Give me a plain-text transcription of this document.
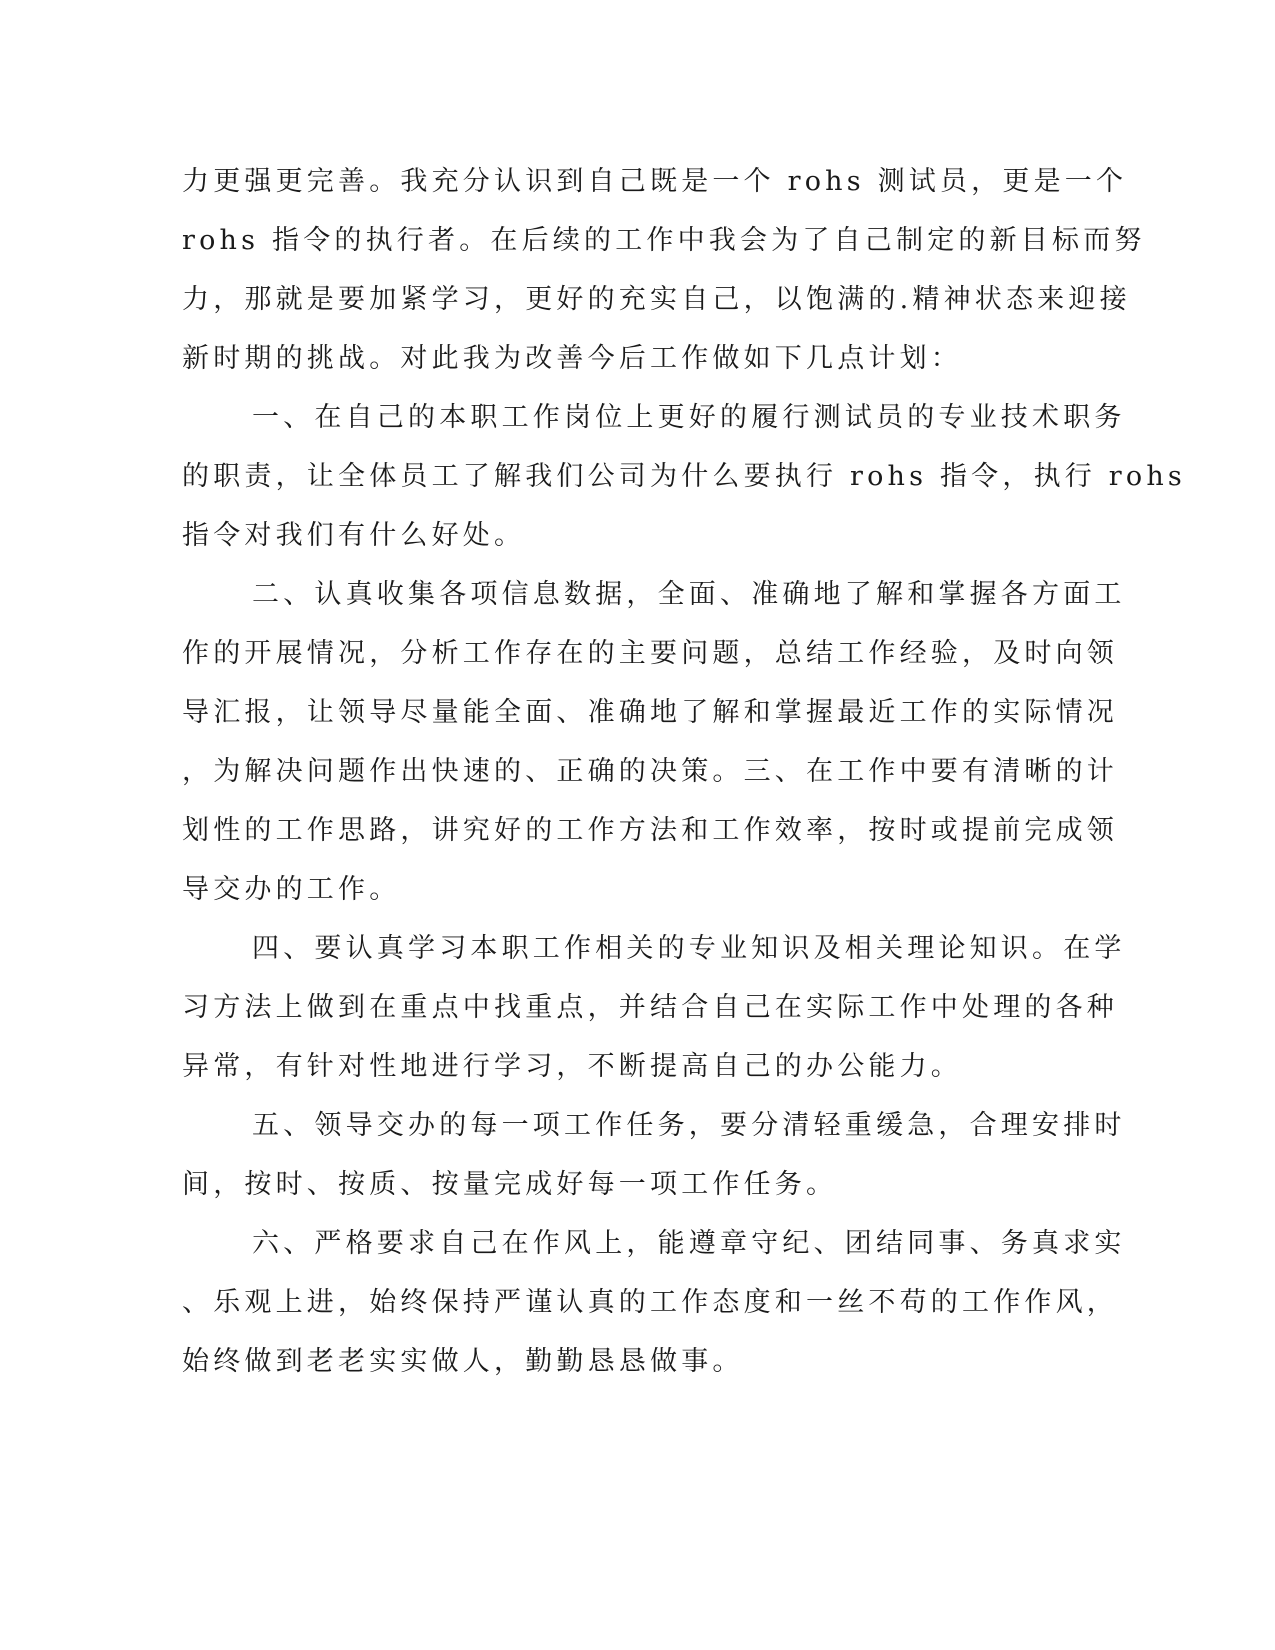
力更强更完善。我充分认识到自己既是一个 rohs 测试员，更是一个
rohs 指令的执行者。在后续的工作中我会为了自己制定的新目标而努
力，那就是要加紧学习，更好的充实自己，以饱满的.精神状态来迎接
新时期的挑战。对此我为改善今后工作做如下几点计划：
一、在自己的本职工作岗位上更好的履行测试员的专业技术职务
的职责，让全体员工了解我们公司为什么要执行 rohs 指令，执行 rohs
指令对我们有什么好处。
二、认真收集各项信息数据，全面、准确地了解和掌握各方面工
作的开展情况，分析工作存在的主要问题，总结工作经验，及时向领
导汇报，让领导尽量能全面、准确地了解和掌握最近工作的实际情况
，为解决问题作出快速的、正确的决策。三、在工作中要有清晰的计
划性的工作思路，讲究好的工作方法和工作效率，按时或提前完成领
导交办的工作。
四、要认真学习本职工作相关的专业知识及相关理论知识。在学
习方法上做到在重点中找重点，并结合自己在实际工作中处理的各种
异常，有针对性地进行学习，不断提高自己的办公能力。
五、领导交办的每一项工作任务，要分清轻重缓急，合理安排时
间，按时、按质、按量完成好每一项工作任务。
六、严格要求自己在作风上，能遵章守纪、团结同事、务真求实
、乐观上进，始终保持严谨认真的工作态度和一丝不苟的工作作风，
始终做到老老实实做人，勤勤恳恳做事。
